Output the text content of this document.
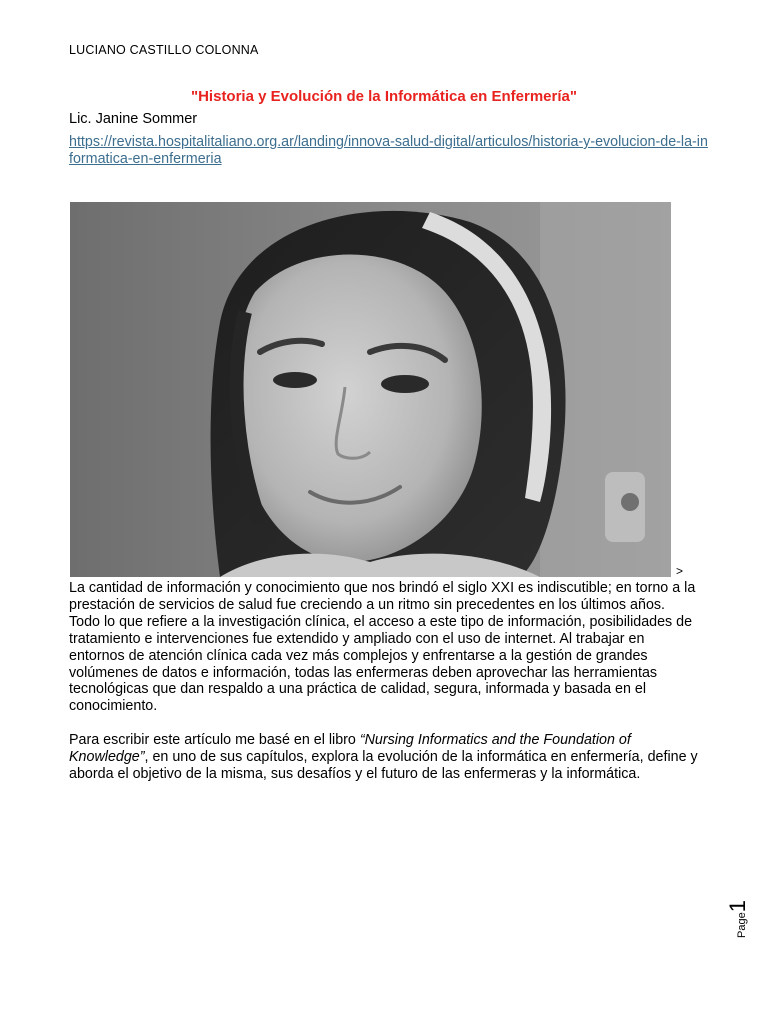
LUCIANO CASTILLO COLONNA
"Historia y Evolución de la Informática en Enfermería"
Lic. Janine Sommer
https://revista.hospitalitaliano.org.ar/landing/innova-salud-digital/articulos/historia-y-evolucion-de-la-informatica-en-enfermeria
>
La cantidad de información y conocimiento que nos brindó el siglo XXI es indiscutible; en torno a la prestación de servicios de salud fue creciendo a un ritmo sin precedentes en los últimos años. Todo lo que refiere a la investigación clínica, el acceso a este tipo de información, posibilidades de tratamiento e intervenciones fue extendido y ampliado con el uso de internet. Al trabajar en entornos de atención clínica cada vez más complejos y enfrentarse a la gestión de grandes volúmenes de datos e información, todas las enfermeras deben aprovechar las herramientas tecnológicas que dan respaldo a una práctica de calidad, segura, informada y basada en el conocimiento.
Para escribir este artículo me basé en el libro “Nursing Informatics and the Foundation of Knowledge”, en uno de sus capítulos, explora la evolución de la informática en enfermería, define y aborda el objetivo de la misma, sus desafíos y el futuro de las enfermeras y la informática.
Page1
